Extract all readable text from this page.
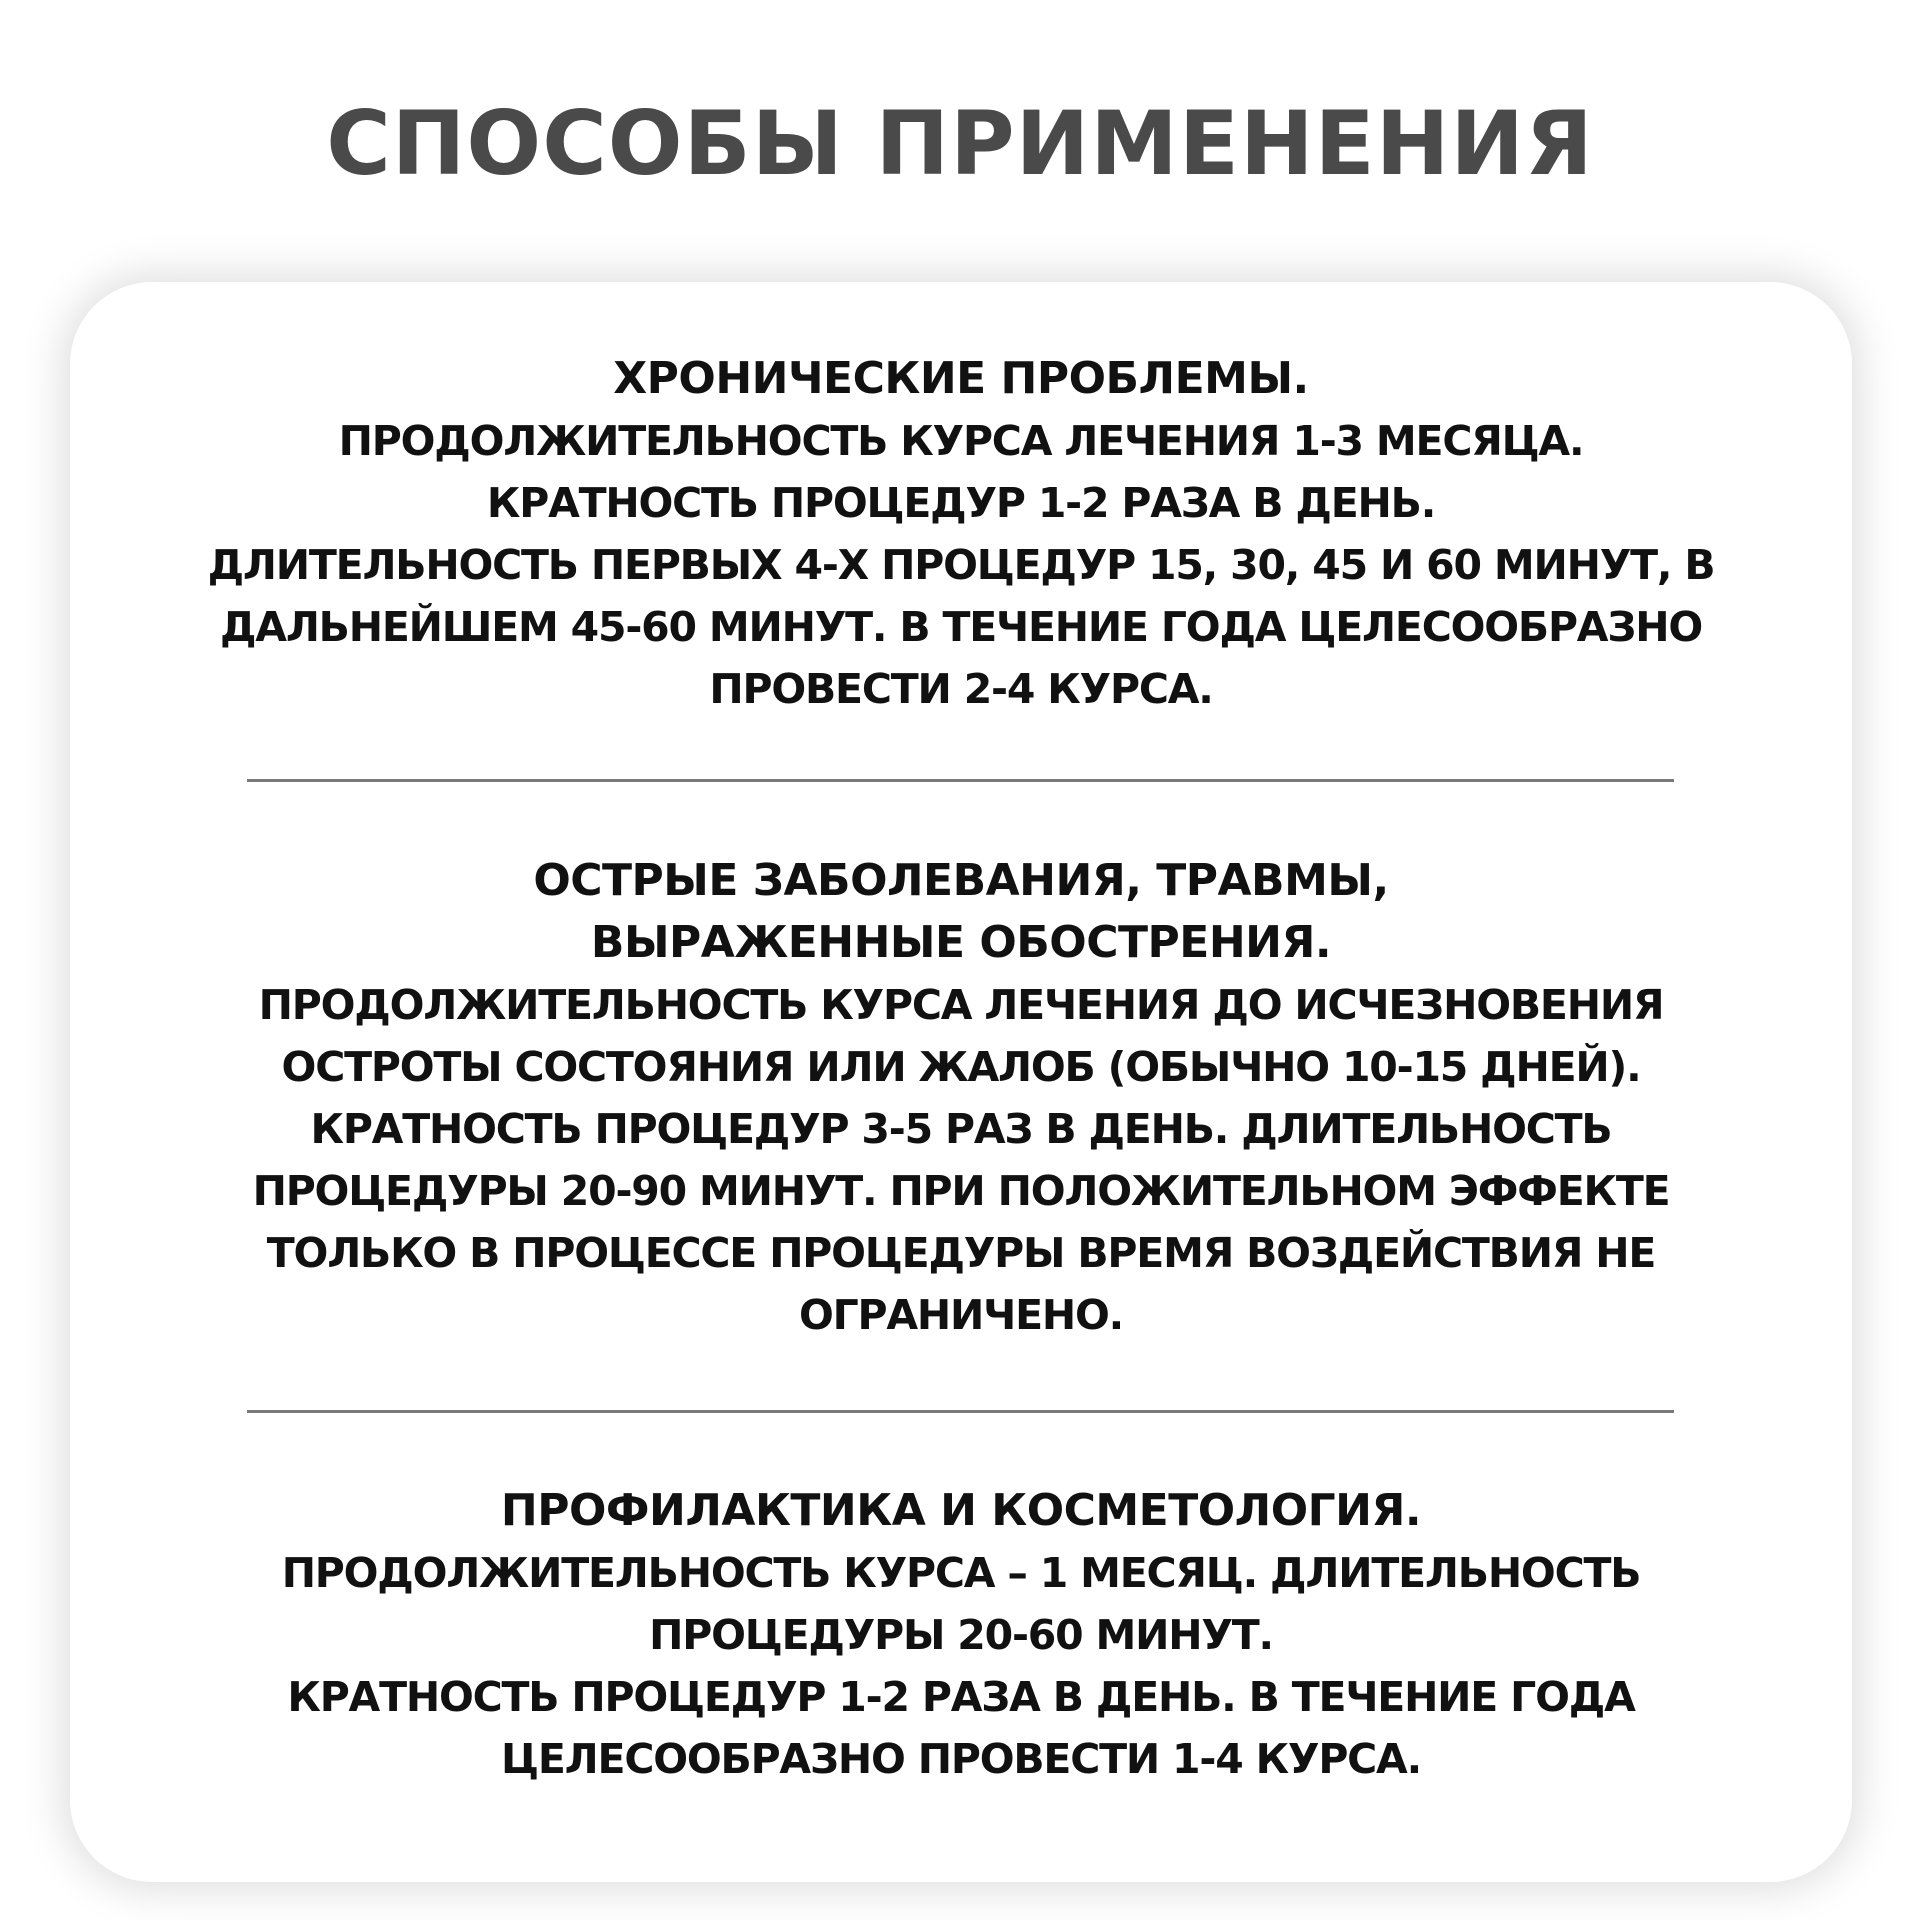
СПОСОБЫ ПРИМЕНЕНИЯ

ХРОНИЧЕСКИЕ ПРОБЛЕМЫ.

ПРОДОЛЖИТЕЛЬНОСТЬ КУРСА ЛЕЧЕНИЯ 1-3 МЕСЯЦА.

КРАТНОСТЬ ПРОЦЕДУР 1-2 РАЗА В ДЕНЬ.

ДЛИТЕЛЬНОСТЬ ПЕРВЫХ 4-Х ПРОЦЕДУР 15, 30, 45 И 60 МИНУТ, В

ДАЛЬНЕЙШЕМ 45-60 МИНУТ. В ТЕЧЕНИЕ ГОДА ЦЕЛЕСООБРАЗНО

ПРОВЕСТИ 2-4 КУРСА.

ОСТРЫЕ ЗАБОЛЕВАНИЯ, ТРАВМЫ,

ВЫРАЖЕННЫЕ ОБОСТРЕНИЯ.

ПРОДОЛЖИТЕЛЬНОСТЬ КУРСА ЛЕЧЕНИЯ ДО ИСЧЕЗНОВЕНИЯ

ОСТРОТЫ СОСТОЯНИЯ ИЛИ ЖАЛОБ (ОБЫЧНО 10-15 ДНЕЙ).

КРАТНОСТЬ ПРОЦЕДУР 3-5 РАЗ В ДЕНЬ. ДЛИТЕЛЬНОСТЬ

ПРОЦЕДУРЫ 20-90 МИНУТ. ПРИ ПОЛОЖИТЕЛЬНОМ ЭФФЕКТЕ

ТОЛЬКО В ПРОЦЕССЕ ПРОЦЕДУРЫ ВРЕМЯ ВОЗДЕЙСТВИЯ НЕ

ОГРАНИЧЕНО.

ПРОФИЛАКТИКА И КОСМЕТОЛОГИЯ.

ПРОДОЛЖИТЕЛЬНОСТЬ КУРСА – 1 МЕСЯЦ. ДЛИТЕЛЬНОСТЬ

ПРОЦЕДУРЫ 20-60 МИНУТ.

КРАТНОСТЬ ПРОЦЕДУР 1-2 РАЗА В ДЕНЬ. В ТЕЧЕНИЕ ГОДА

ЦЕЛЕСООБРАЗНО ПРОВЕСТИ 1-4 КУРСА.
